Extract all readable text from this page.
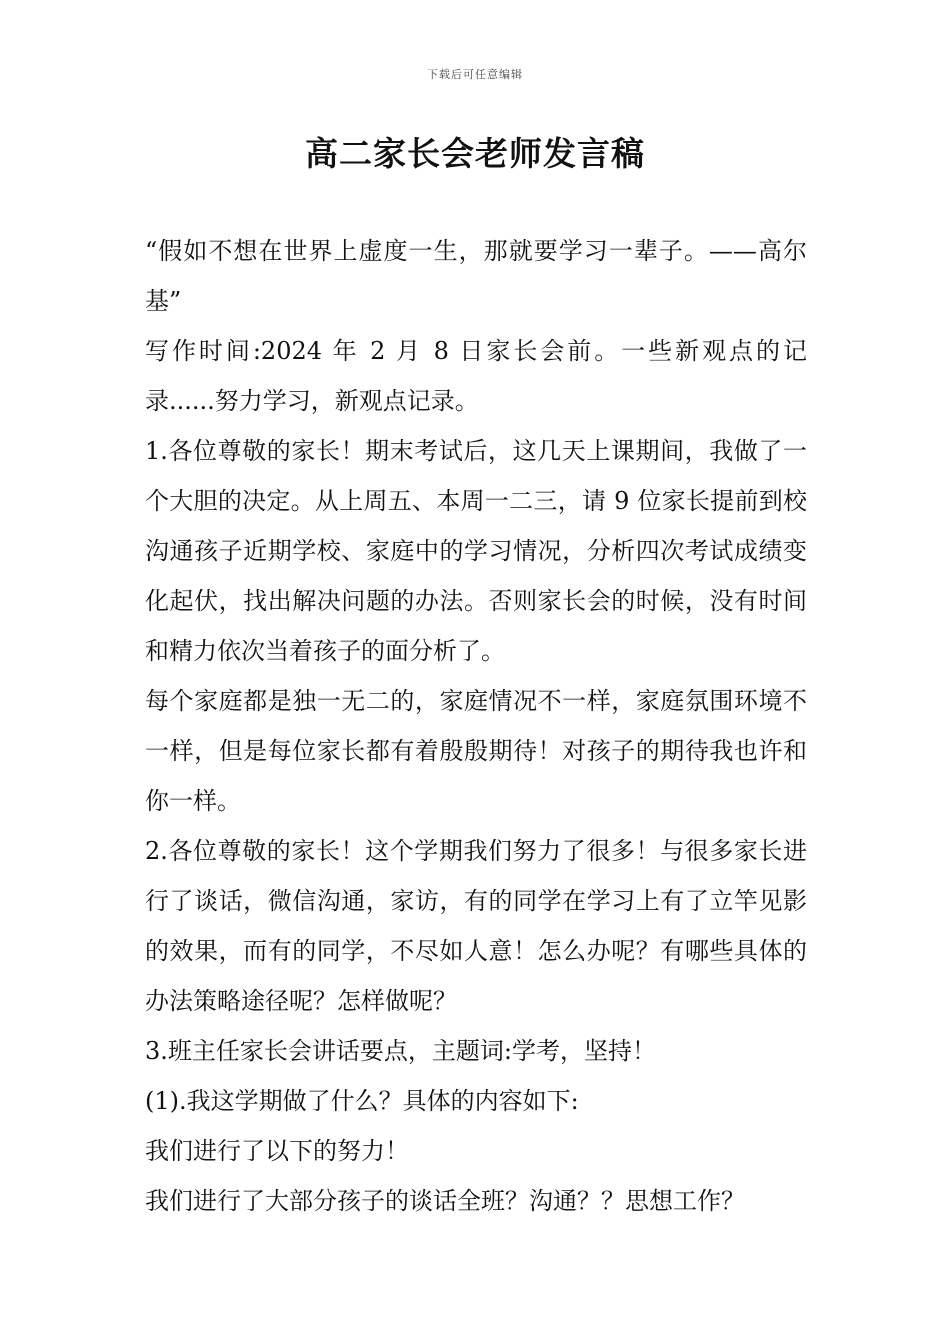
下载后可任意编辑
高二家长会老师发言稿

“假如不想在世界上虚度一生，那就要学习一辈子。——高尔基”

写作时间:2024 年 2 月 8 日家长会前。一些新观点的记录......努力学习，新观点记录。

1.各位尊敬的家长！期末考试后，这几天上课期间，我做了一个大胆的决定。从上周五、本周一二三，请 9 位家长提前到校沟通孩子近期学校、家庭中的学习情况，分析四次考试成绩变化起伏，找出解决问题的办法。否则家长会的时候，没有时间和精力依次当着孩子的面分析了。

每个家庭都是独一无二的，家庭情况不一样，家庭氛围环境不一样，但是每位家长都有着殷殷期待！对孩子的期待我也许和你一样。

2.各位尊敬的家长！这个学期我们努力了很多！与很多家长进行了谈话，微信沟通，家访，有的同学在学习上有了立竿见影的效果，而有的同学，不尽如人意！怎么办呢？有哪些具体的办法策略途径呢？怎样做呢？

3.班主任家长会讲话要点，主题词:学考，坚持！

(1).我这学期做了什么？具体的内容如下:

我们进行了以下的努力！

我们进行了大部分孩子的谈话全班？沟通？？思想工作？
